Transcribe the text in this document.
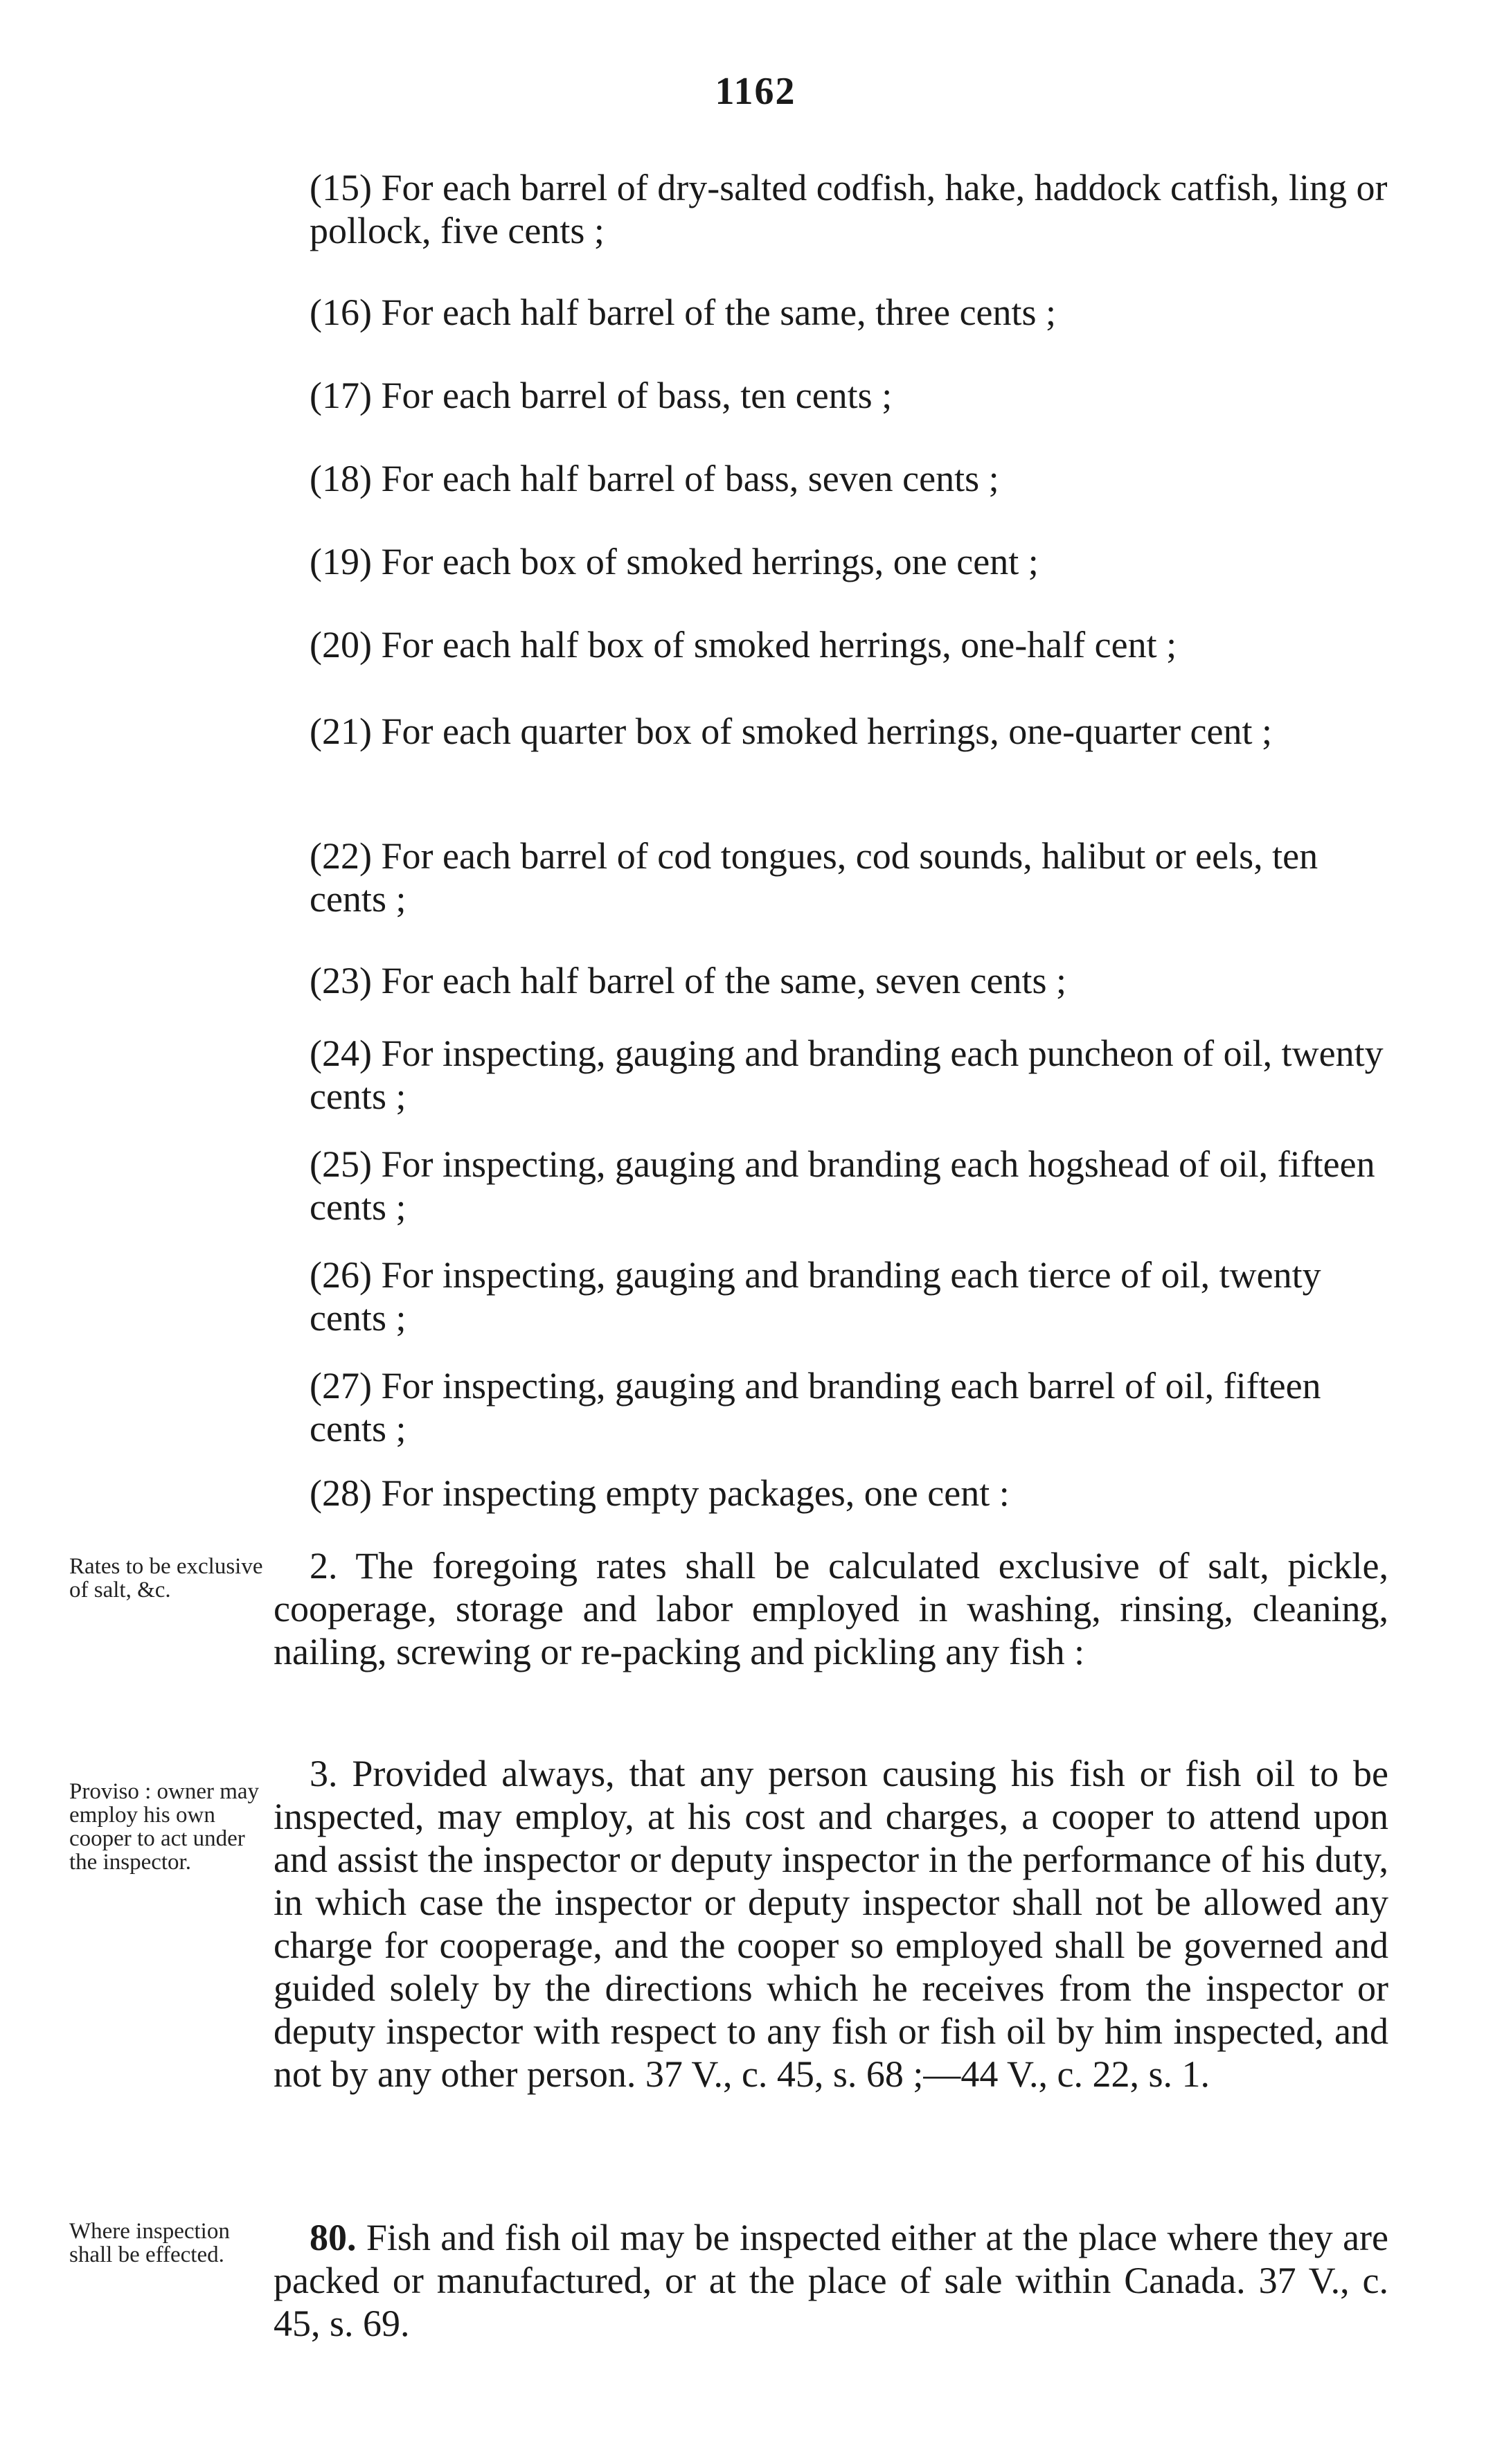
1162
(15) For each barrel of dry-salted codfish, hake, haddock catfish, ling or pollock, five cents ;
(16) For each half barrel of the same, three cents ;
(17) For each barrel of bass, ten cents ;
(18) For each half barrel of bass, seven cents ;
(19) For each box of smoked herrings, one cent ;
(20) For each half box of smoked herrings, one-half cent ;
(21) For each quarter box of smoked herrings, one-quarter cent ;
(22) For each barrel of cod tongues, cod sounds, halibut or eels, ten cents ;
(23) For each half barrel of the same, seven cents ;
(24) For inspecting, gauging and branding each puncheon of oil, twenty cents ;
(25) For inspecting, gauging and branding each hogshead of oil, fifteen cents ;
(26) For inspecting, gauging and branding each tierce of oil, twenty cents ;
(27) For inspecting, gauging and branding each barrel of oil, fifteen cents ;
(28) For inspecting empty packages, one cent :
Rates to be exclusive of salt, &c.
2. The foregoing rates shall be calculated exclusive of salt, pickle, cooperage, storage and labor employed in washing, rinsing, cleaning, nailing, screwing or re-packing and pickling any fish :
Proviso : owner may employ his own cooper to act under the inspector.
3. Provided always, that any person causing his fish or fish oil to be inspected, may employ, at his cost and charges, a cooper to attend upon and assist the inspector or deputy inspector in the performance of his duty, in which case the inspector or deputy inspector shall not be allowed any charge for cooperage, and the cooper so employed shall be governed and guided solely by the directions which he receives from the inspector or deputy inspector with respect to any fish or fish oil by him inspected, and not by any other person. 37 V., c. 45, s. 68 ;—44 V., c. 22, s. 1.
Where inspection shall be effected.	80. Fish and fish oil may be inspected either at the place where they are packed or manufactured, or at the place of sale within Canada. 37 V., c. 45, s. 69.
